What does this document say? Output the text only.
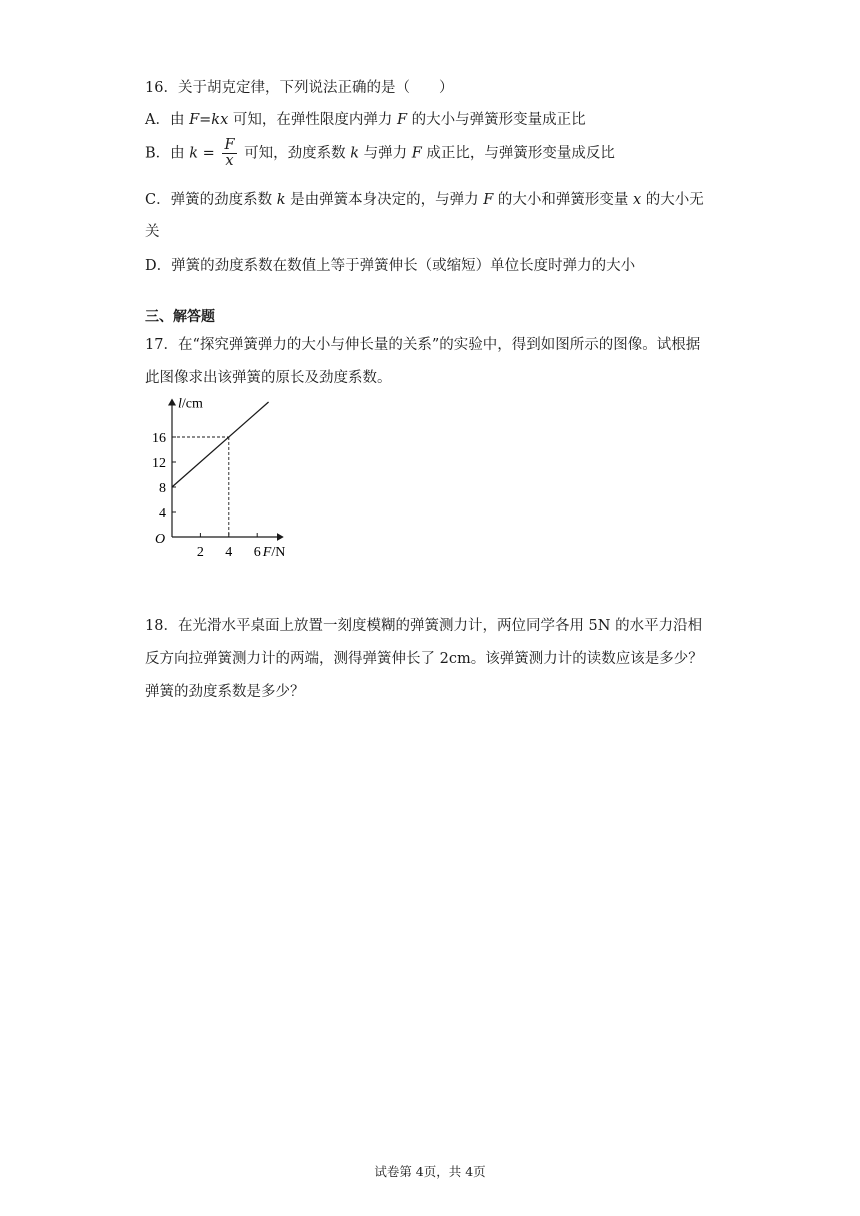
16．关于胡克定律，下列说法正确的是（　　）
A．由 F=kx 可知，在弹性限度内弹力 F 的大小与弹簧形变量成正比
B．由 $k = \frac{F}{x}$ 可知，劲度系数 k 与弹力 F 成正比，与弹簧形变量成反比
C．弹簧的劲度系数 k 是由弹簧本身决定的，与弹力 F 的大小和弹簧形变量 x 的大小无
关
D．弹簧的劲度系数在数值上等于弹簧伸长（或缩短）单位长度时弹力的大小
三、解答题
17．在“探究弹簧弹力的大小与伸长量的关系”的实验中，得到如图所示的图像。试根据
此图像求出该弹簧的原长及劲度系数。
O
2 4 6
4
8
12
16
F/N
l/cm
18．在光滑水平桌面上放置一刻度模糊的弹簧测力计，两位同学各用 5N 的水平力沿相
反方向拉弹簧测力计的两端，测得弹簧伸长了 2cm。该弹簧测力计的读数应该是多少？
弹簧的劲度系数是多少？
试卷第 4页，共 4页
